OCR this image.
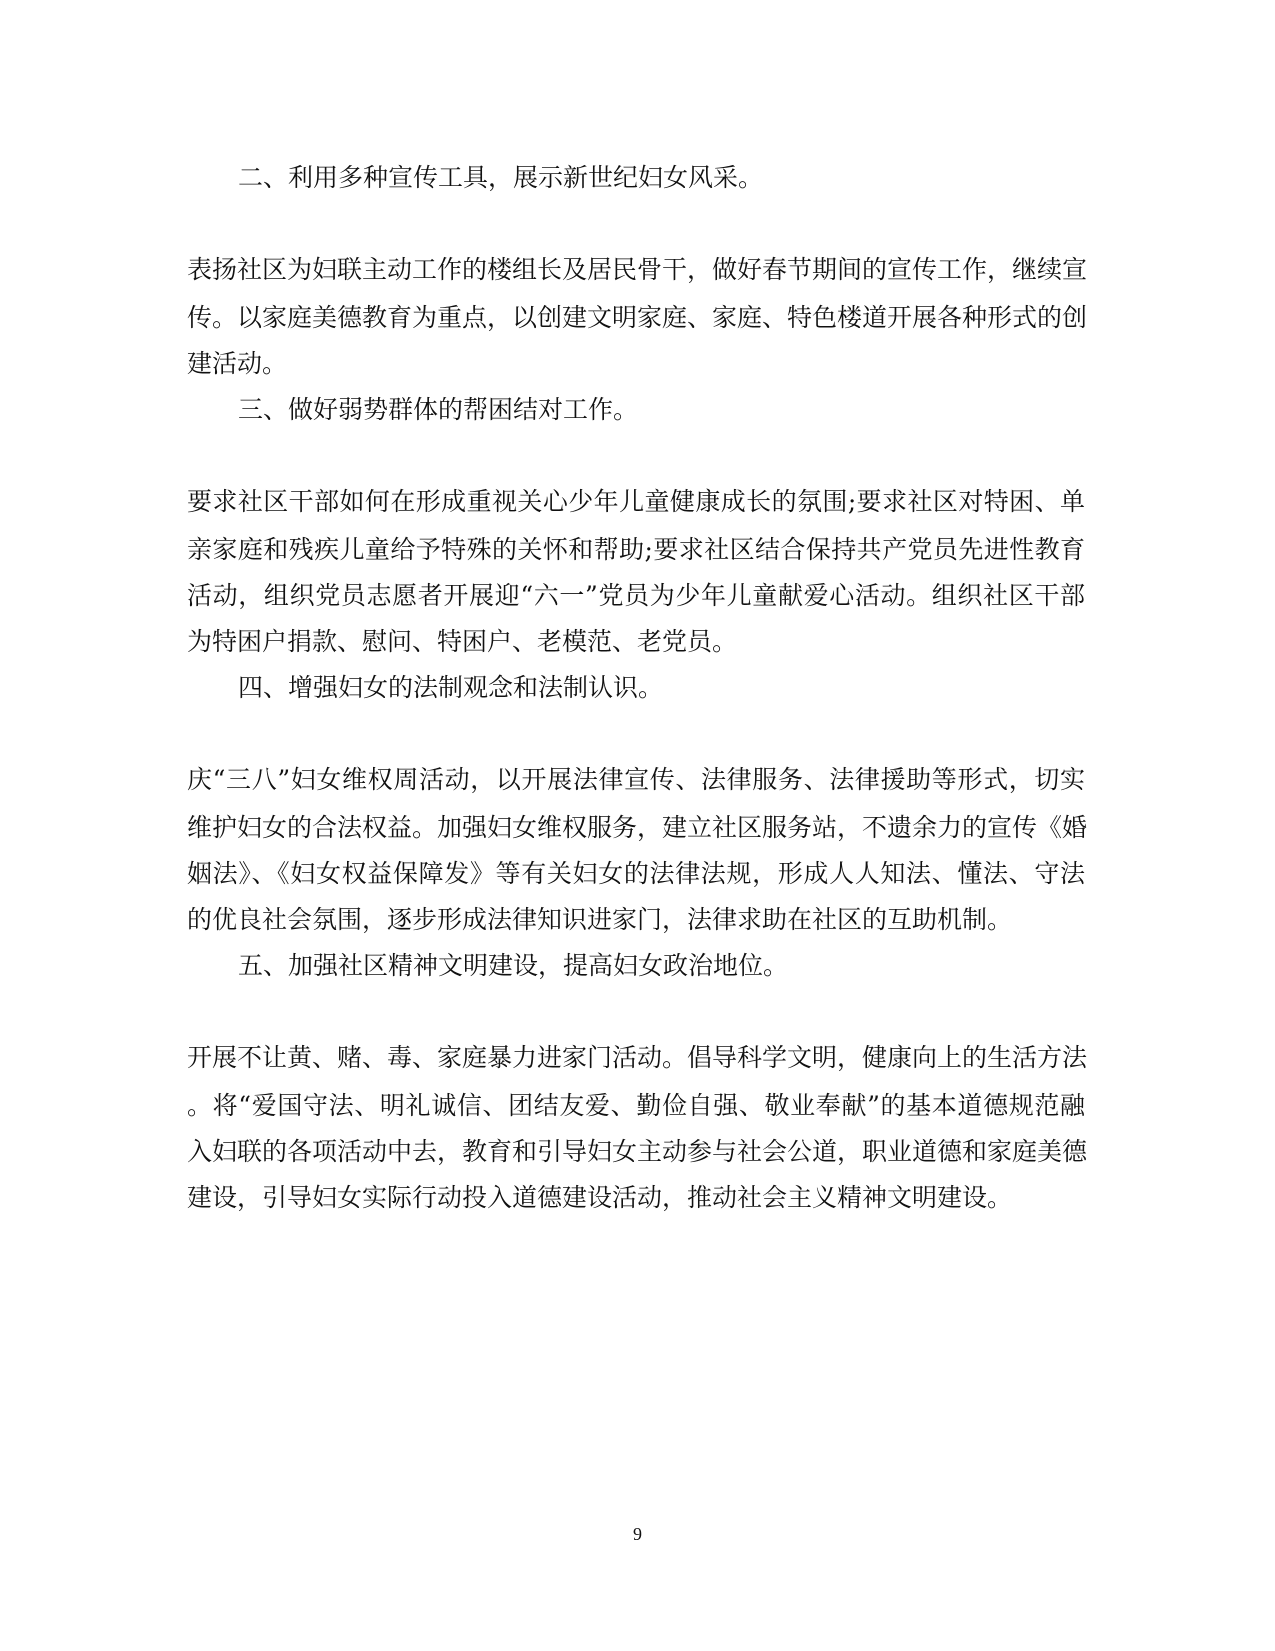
二、利用多种宣传工具，展示新世纪妇女风采。

表扬社区为妇联主动工作的楼组长及居民骨干，做好春节期间的宣传工作，继续宣

传。以家庭美德教育为重点，以创建文明家庭、家庭、特色楼道开展各种形式的创

建活动。

三、做好弱势群体的帮困结对工作。

要求社区干部如何在形成重视关心少年儿童健康成长的氛围;要求社区对特困、单

亲家庭和残疾儿童给予特殊的关怀和帮助;要求社区结合保持共产党员先进性教育

活动，组织党员志愿者开展迎“六一”党员为少年儿童献爱心活动。组织社区干部

为特困户捐款、慰问、特困户、老模范、老党员。

四、增强妇女的法制观念和法制认识。

庆“三八”妇女维权周活动，以开展法律宣传、法律服务、法律援助等形式，切实

维护妇女的合法权益。加强妇女维权服务，建立社区服务站，不遗余力的宣传《婚

姻法》、《妇女权益保障发》等有关妇女的法律法规，形成人人知法、懂法、守法

的优良社会氛围，逐步形成法律知识进家门，法律求助在社区的互助机制。

五、加强社区精神文明建设，提高妇女政治地位。

开展不让黄、赌、毒、家庭暴力进家门活动。倡导科学文明，健康向上的生活方法

。将“爱国守法、明礼诚信、团结友爱、勤俭自强、敬业奉献”的基本道德规范融

入妇联的各项活动中去，教育和引导妇女主动参与社会公道，职业道德和家庭美德

建设，引导妇女实际行动投入道德建设活动，推动社会主义精神文明建设。

9
